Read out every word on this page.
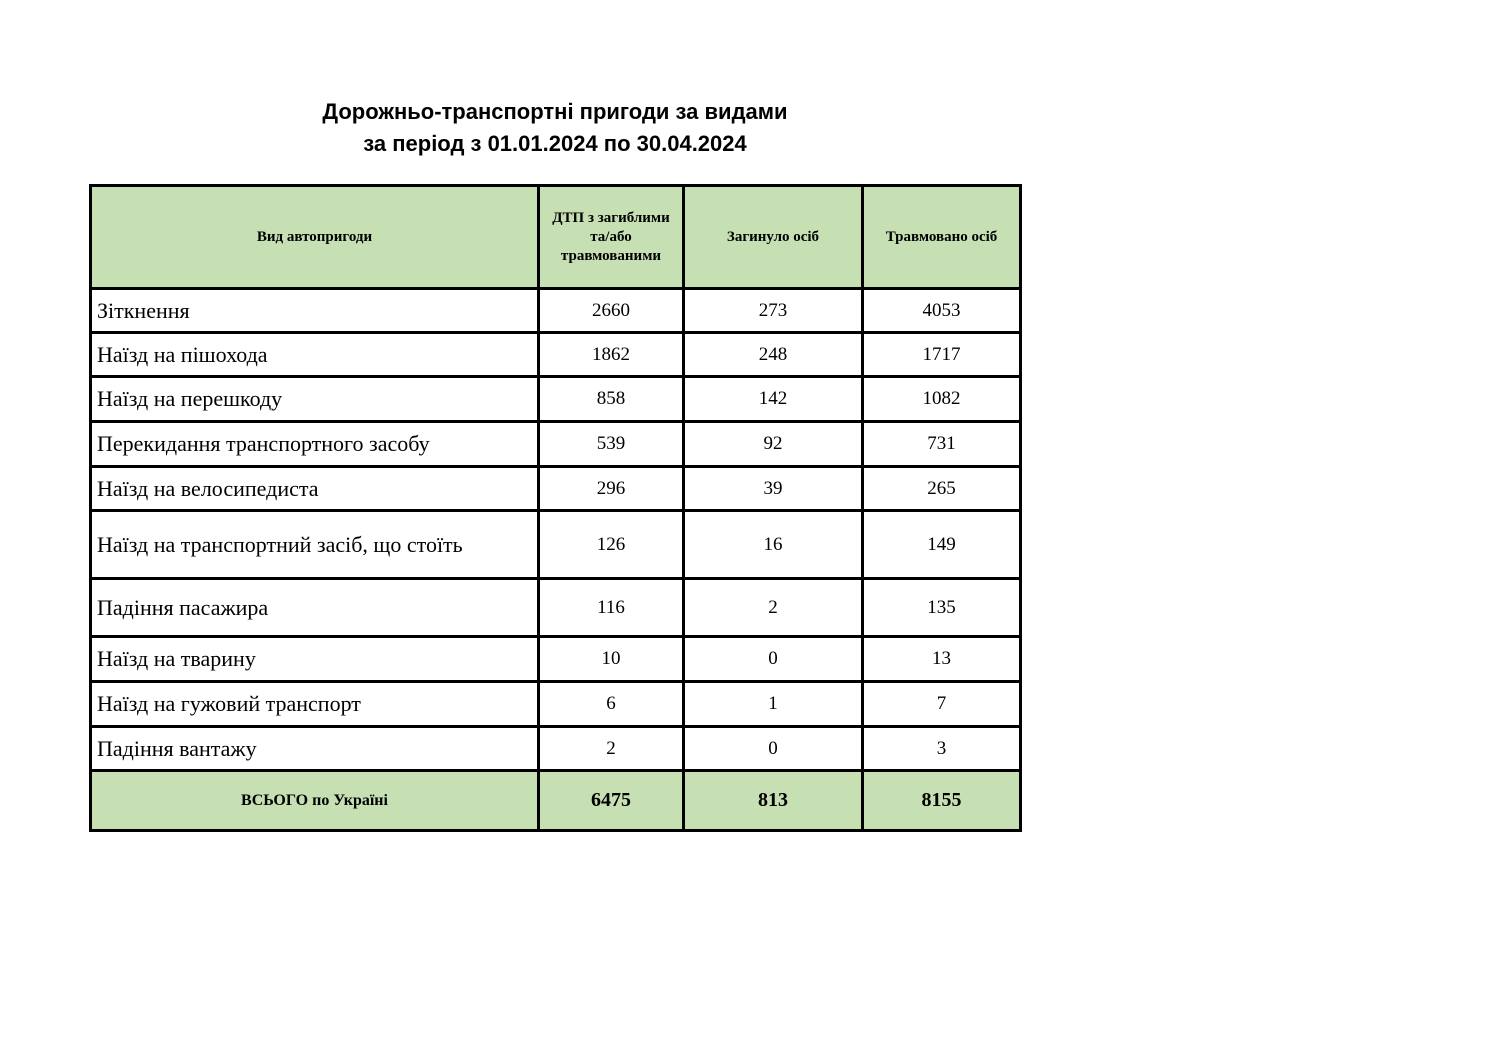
Дорожньо-транспортні пригоди за видами
за період з 01.01.2024 по 30.04.2024
Вид автопригоди	ДТП з загиблими та/або травмованими	Загинуло осіб	Травмовано осіб
Зіткнення	2660	273	4053
Наїзд на пішохода	1862	248	1717
Наїзд на перешкоду	858	142	1082
Перекидання транспортного засобу	539	92	731
Наїзд на велосипедиста	296	39	265
Наїзд на транспортний засіб, що стоїть	126	16	149
Падіння пасажира	116	2	135
Наїзд на тварину	10	0	13
Наїзд на гужовий транспорт	6	1	7
Падіння вантажу	2	0	3
ВСЬОГО по Україні	6475	813	8155
